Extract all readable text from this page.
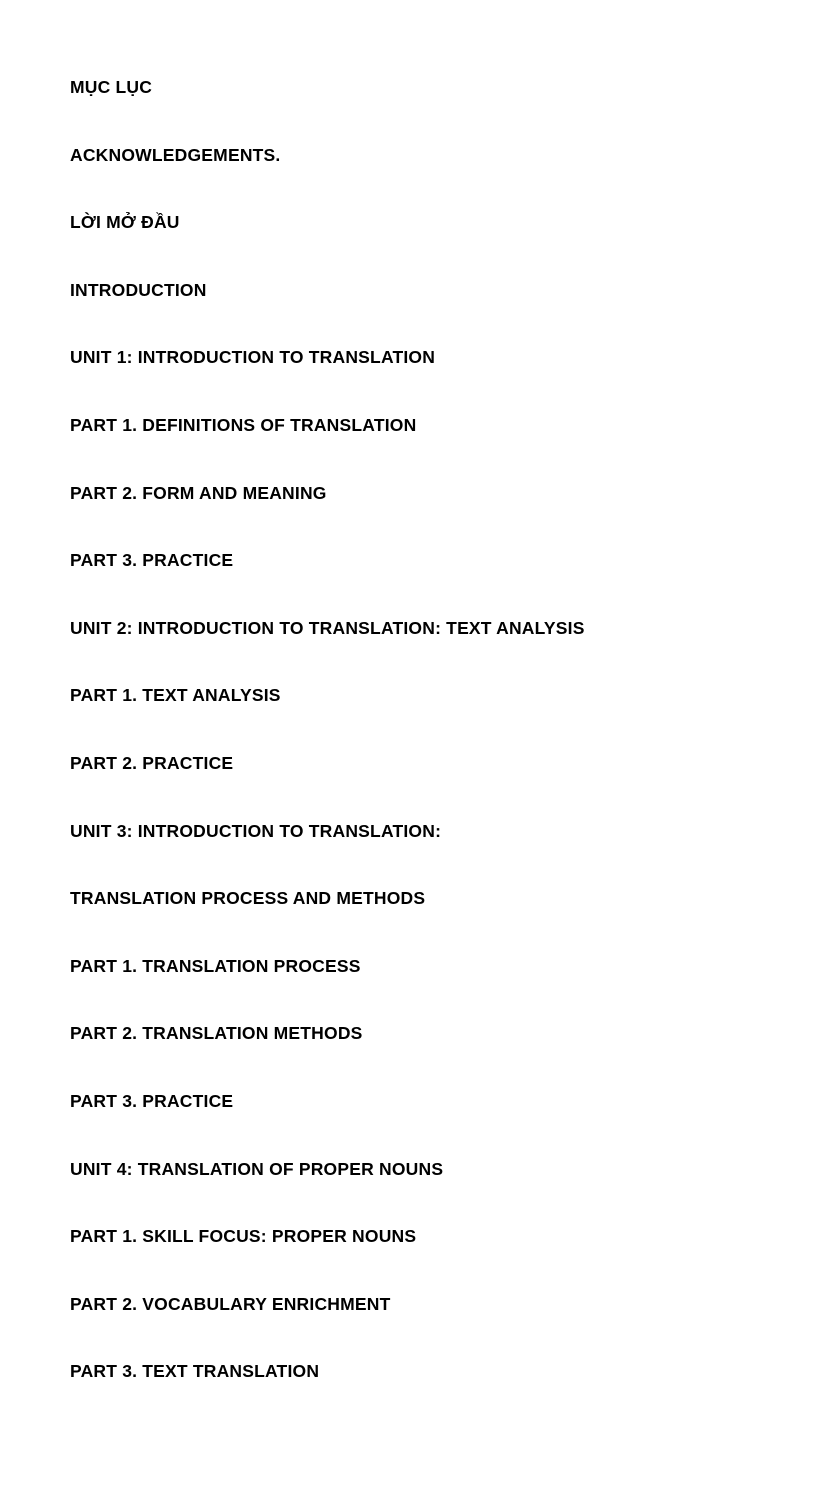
MỤC LỤC
ACKNOWLEDGEMENTS.
LỜI MỞ ĐẦU
INTRODUCTION
UNIT 1: INTRODUCTION TO TRANSLATION
PART 1. DEFINITIONS OF TRANSLATION
PART 2. FORM AND MEANING
PART 3. PRACTICE
UNIT 2: INTRODUCTION TO TRANSLATION: TEXT ANALYSIS
PART 1. TEXT ANALYSIS
PART 2. PRACTICE
UNIT 3: INTRODUCTION TO TRANSLATION:
TRANSLATION PROCESS AND METHODS
PART 1. TRANSLATION PROCESS
PART 2. TRANSLATION METHODS
PART 3. PRACTICE
UNIT 4: TRANSLATION OF PROPER NOUNS
PART 1. SKILL FOCUS: PROPER NOUNS
PART 2. VOCABULARY ENRICHMENT
PART 3. TEXT TRANSLATION
